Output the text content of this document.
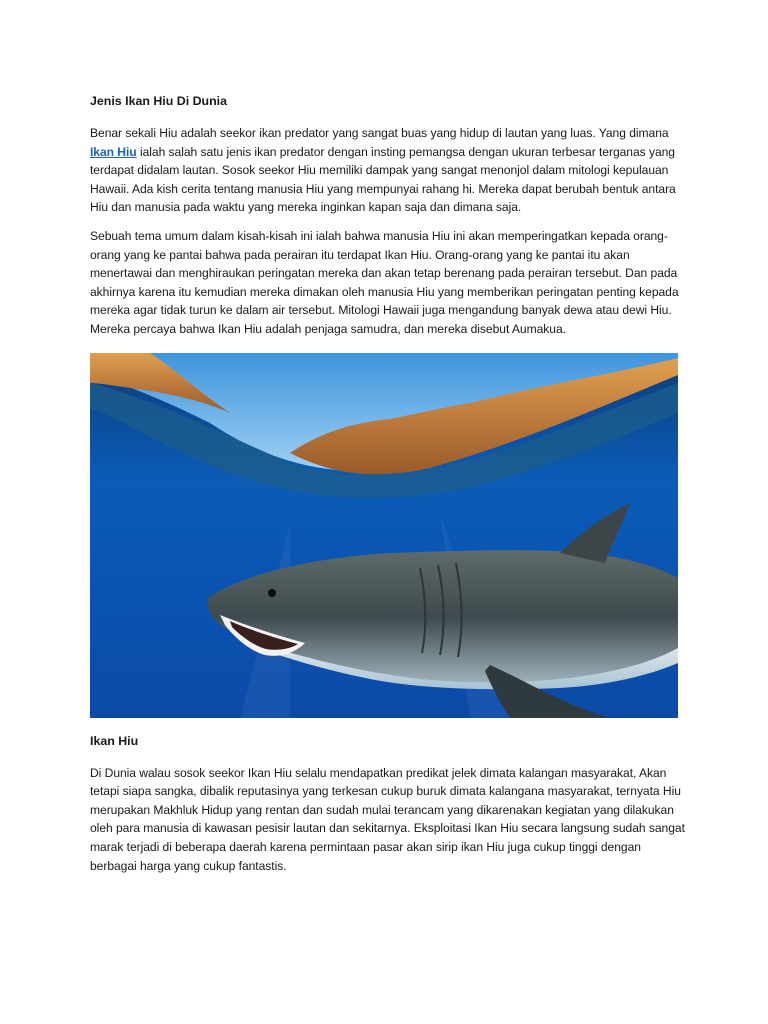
Jenis Ikan Hiu Di Dunia

Benar sekali Hiu adalah seekor ikan predator yang sangat buas yang hidup di lautan yang luas. Yang dimana Ikan Hiu ialah salah satu jenis ikan predator dengan insting pemangsa dengan ukuran terbesar terganas yang terdapat didalam lautan. Sosok seekor Hiu memiliki dampak yang sangat menonjol dalam mitologi kepulauan Hawaii. Ada kish cerita tentang manusia Hiu yang mempunyai rahang hi. Mereka dapat berubah bentuk antara Hiu dan manusia pada waktu yang mereka inginkan kapan saja dan dimana saja.

Sebuah tema umum dalam kisah-kisah ini ialah bahwa manusia Hiu ini akan memperingatkan kepada orang-orang yang ke pantai bahwa pada perairan itu terdapat Ikan Hiu. Orang-orang yang ke pantai itu akan menertawai dan menghiraukan peringatan mereka dan akan tetap berenang pada perairan tersebut. Dan pada akhirnya karena itu kemudian mereka dimakan oleh manusia Hiu yang memberikan peringatan penting kepada mereka agar tidak turun ke dalam air tersebut. Mitologi Hawaii juga mengandung banyak dewa atau dewi Hiu. Mereka percaya bahwa Ikan Hiu adalah penjaga samudra, dan mereka disebut Aumakua.

Ikan Hiu

Di Dunia walau sosok seekor Ikan Hiu selalu mendapatkan predikat jelek dimata kalangan masyarakat, Akan tetapi siapa sangka, dibalik reputasinya yang terkesan cukup buruk dimata kalangana masyarakat, ternyata Hiu merupakan Makhluk Hidup yang rentan dan sudah mulai terancam yang dikarenakan kegiatan yang dilakukan oleh para manusia di kawasan pesisir lautan dan sekitarnya. Eksploitasi Ikan Hiu secara langsung sudah sangat marak terjadi di beberapa daerah karena permintaan pasar akan sirip ikan Hiu juga cukup tinggi dengan berbagai harga yang cukup fantastis.
